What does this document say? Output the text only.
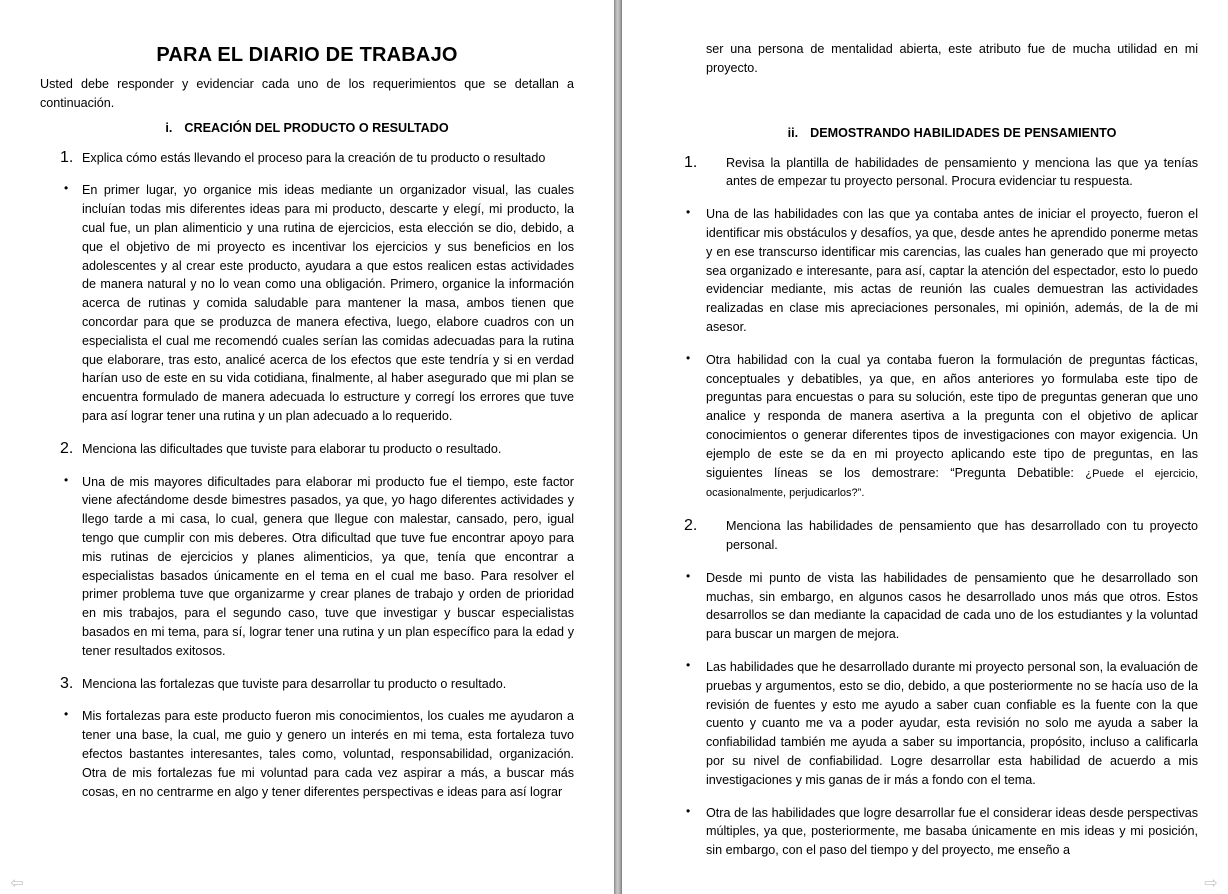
PARA EL DIARIO DE TRABAJO

Usted debe responder y evidenciar cada uno de los requerimientos que se detallan a continuación.

i. CREACIÓN DEL PRODUCTO O RESULTADO
1. Explica cómo estás llevando el proceso para la creación de tu producto o resultado

• En primer lugar, yo organice mis ideas mediante un organizador visual, las cuales incluían todas mis diferentes ideas para mi producto, descarte y elegí, mi producto, la cual fue, un plan alimenticio y una rutina de ejercicios, esta elección se dio, debido, a que el objetivo de mi proyecto es incentivar los ejercicios y sus beneficios en los adolescentes y al crear este producto, ayudara a que estos realicen estas actividades de manera natural y no lo vean como una obligación. Primero, organice la información acerca de rutinas y comida saludable para mantener la masa, ambos tienen que concordar para que se produzca de manera efectiva, luego, elabore cuadros con un especialista el cual me recomendó cuales serían las comidas adecuadas para la rutina que elaborare, tras esto, analicé acerca de los efectos que este tendría y si en verdad harían uso de este en su vida cotidiana, finalmente, al haber asegurado que mi plan se encuentra formulado de manera adecuada lo estructure y corregí los errores que tuve para así lograr tener una rutina y un plan adecuado a lo requerido.

2. Menciona las dificultades que tuviste para elaborar tu producto o resultado.

• Una de mis mayores dificultades para elaborar mi producto fue el tiempo, este factor viene afectándome desde bimestres pasados, ya que, yo hago diferentes actividades y llego tarde a mi casa, lo cual, genera que llegue con malestar, cansado, pero, igual tengo que cumplir con mis deberes. Otra dificultad que tuve fue encontrar apoyo para mis rutinas de ejercicios y planes alimenticios, ya que, tenía que encontrar a especialistas basados únicamente en el tema en el cual me baso. Para resolver el primer problema tuve que organizarme y crear planes de trabajo y orden de prioridad en mis trabajos, para el segundo caso, tuve que investigar y buscar especialistas basados en mi tema, para sí, lograr tener una rutina y un plan específico para la edad y tener resultados exitosos.

3. Menciona las fortalezas que tuviste para desarrollar tu producto o resultado.

• Mis fortalezas para este producto fueron mis conocimientos, los cuales me ayudaron a tener una base, la cual, me guio y genero un interés en mi tema, esta fortaleza tuvo efectos bastantes interesantes, tales como, voluntad, responsabilidad, organización. Otra de mis fortalezas fue mi voluntad para cada vez aspirar a más, a buscar más cosas, en no centrarme en algo y tener diferentes perspectivas e ideas para así lograr

ser una persona de mentalidad abierta, este atributo fue de mucha utilidad en mi proyecto.

ii. DEMOSTRANDO HABILIDADES DE PENSAMIENTO
1. Revisa la plantilla de habilidades de pensamiento y menciona las que ya tenías antes de empezar tu proyecto personal. Procura evidenciar tu respuesta.

• Una de las habilidades con las que ya contaba antes de iniciar el proyecto, fueron el identificar mis obstáculos y desafíos, ya que, desde antes he aprendido ponerme metas y en ese transcurso identificar mis carencias, las cuales han generado que mi proyecto sea organizado e interesante, para así, captar la atención del espectador, esto lo puedo evidenciar mediante, mis actas de reunión las cuales demuestran las actividades realizadas en clase mis apreciaciones personales, mi opinión, además, de la de mi asesor.

• Otra habilidad con la cual ya contaba fueron la formulación de preguntas fácticas, conceptuales y debatibles, ya que, en años anteriores yo formulaba este tipo de preguntas para encuestas o para su solución, este tipo de preguntas generan que uno analice y responda de manera asertiva a la pregunta con el objetivo de aplicar conocimientos o generar diferentes tipos de investigaciones con mayor exigencia. Un ejemplo de este se da en mi proyecto aplicando este tipo de preguntas, en las siguientes líneas se los demostrare: “Pregunta Debatible: ¿Puede el ejercicio, ocasionalmente, perjudicarlos?”.

2. Menciona las habilidades de pensamiento que has desarrollado con tu proyecto personal.

• Desde mi punto de vista las habilidades de pensamiento que he desarrollado son muchas, sin embargo, en algunos casos he desarrollado unos más que otros. Estos desarrollos se dan mediante la capacidad de cada uno de los estudiantes y la voluntad para buscar un margen de mejora.

• Las habilidades que he desarrollado durante mi proyecto personal son, la evaluación de pruebas y argumentos, esto se dio, debido, a que posteriormente no se hacía uso de la revisión de fuentes y esto me ayudo a saber cuan confiable es la fuente con la que cuento y cuanto me va a poder ayudar, esta revisión no solo me ayuda a saber la confiabilidad también me ayuda a saber su importancia, propósito, incluso a calificarla por su nivel de confiabilidad. Logre desarrollar esta habilidad de acuerdo a mis investigaciones y mis ganas de ir más a fondo con el tema.

• Otra de las habilidades que logre desarrollar fue el considerar ideas desde perspectivas múltiples, ya que, posteriormente, me basaba únicamente en mis ideas y mi posición, sin embargo, con el paso del tiempo y del proyecto, me enseño a

⇦	⇨
